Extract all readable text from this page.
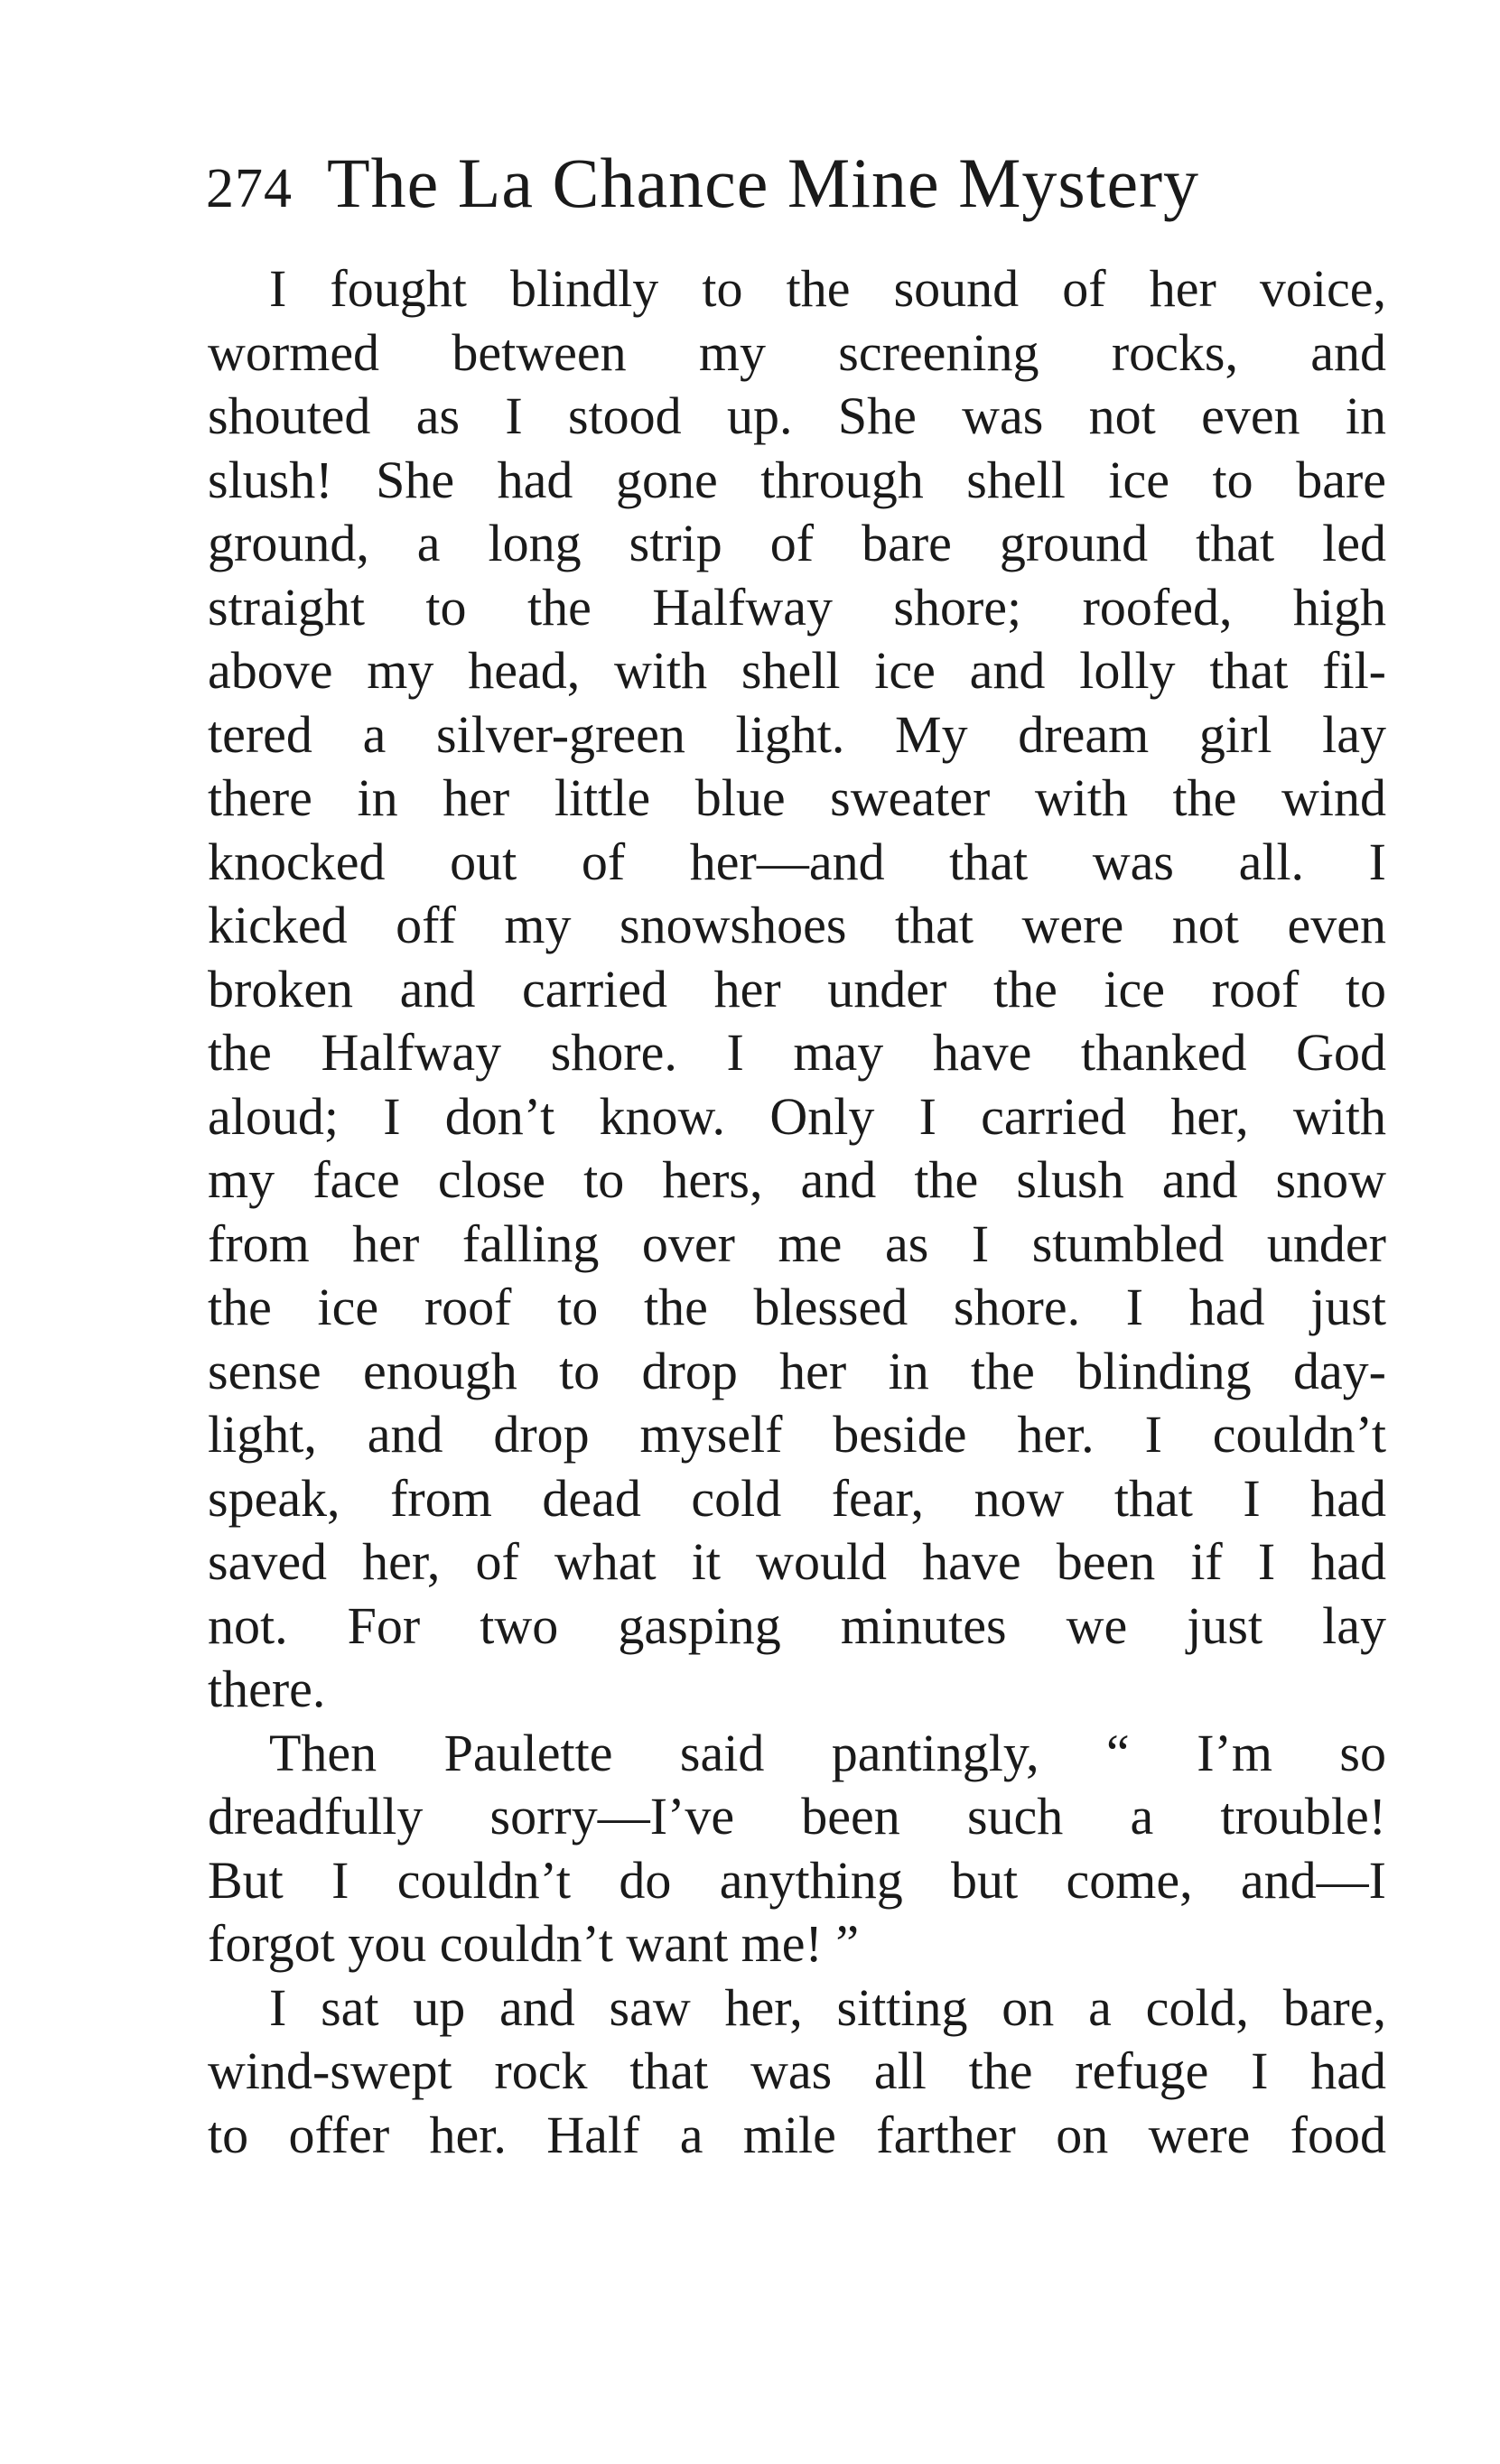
274 The La Chance Mine Mystery
I fought blindly to the sound of her voice,
wormed between my screening rocks, and
shouted as I stood up. She was not even in
slush! She had gone through shell ice to bare
ground, a long strip of bare ground that led
straight to the Halfway shore; roofed, high
above my head, with shell ice and lolly that fil-
tered a silver-green light. My dream girl lay
there in her little blue sweater with the wind
knocked out of her—and that was all. I
kicked off my snowshoes that were not even
broken and carried her under the ice roof to
the Halfway shore. I may have thanked God
aloud; I don’t know. Only I carried her, with
my face close to hers, and the slush and snow
from her falling over me as I stumbled under
the ice roof to the blessed shore. I had just
sense enough to drop her in the blinding day-
light, and drop myself beside her. I couldn’t
speak, from dead cold fear, now that I had
saved her, of what it would have been if I had
not. For two gasping minutes we just lay
there.
Then Paulette said pantingly, “ I’m so
dreadfully sorry—I’ve been such a trouble!
But I couldn’t do anything but come, and—I
forgot you couldn’t want me! ”
I sat up and saw her, sitting on a cold, bare,
wind-swept rock that was all the refuge I had
to offer her. Half a mile farther on were food
